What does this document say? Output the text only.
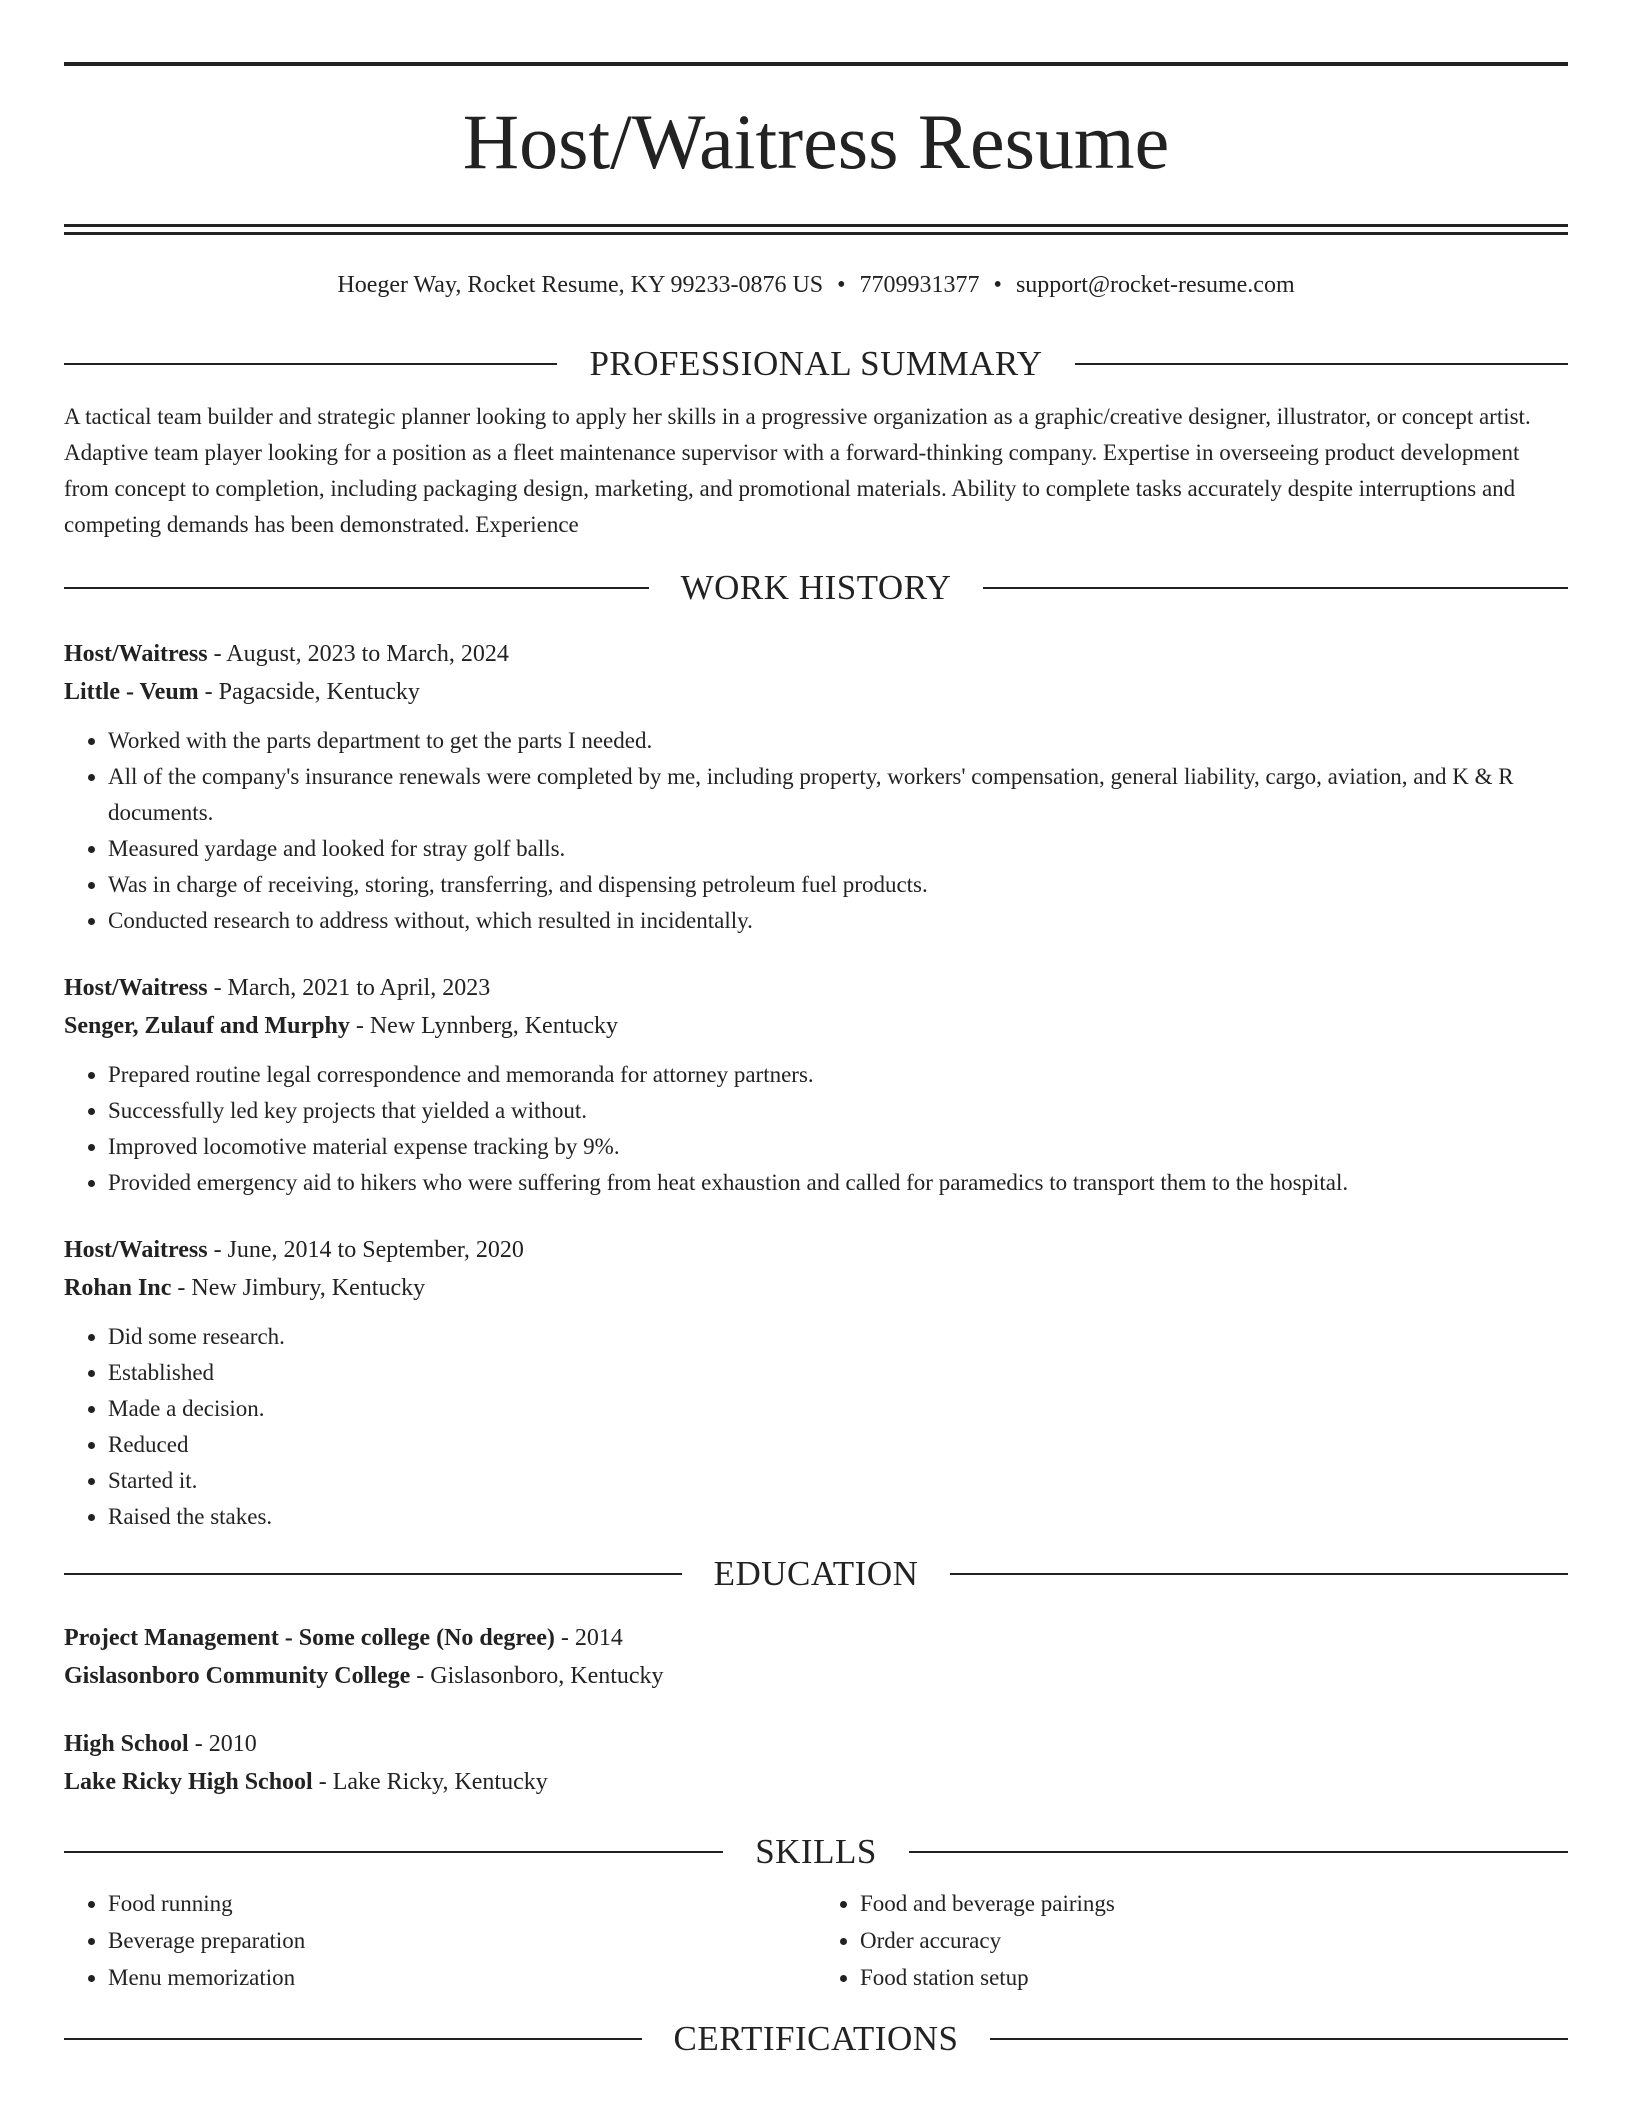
Host/Waitress Resume
Hoeger Way, Rocket Resume, KY 99233-0876 US • 7709931377 • support@rocket-resume.com
PROFESSIONAL SUMMARY
A tactical team builder and strategic planner looking to apply her skills in a progressive organization as a graphic/creative designer, illustrator, or concept artist. Adaptive team player looking for a position as a fleet maintenance supervisor with a forward-thinking company. Expertise in overseeing product development from concept to completion, including packaging design, marketing, and promotional materials. Ability to complete tasks accurately despite interruptions and competing demands has been demonstrated. Experience
WORK HISTORY
Host/Waitress - August, 2023 to March, 2024
Little - Veum - Pagacside, Kentucky
• Worked with the parts department to get the parts I needed.
• All of the company's insurance renewals were completed by me, including property, workers' compensation, general liability, cargo, aviation, and K & R documents.
• Measured yardage and looked for stray golf balls.
• Was in charge of receiving, storing, transferring, and dispensing petroleum fuel products.
• Conducted research to address without, which resulted in incidentally.
Host/Waitress - March, 2021 to April, 2023
Senger, Zulauf and Murphy - New Lynnberg, Kentucky
• Prepared routine legal correspondence and memoranda for attorney partners.
• Successfully led key projects that yielded a without.
• Improved locomotive material expense tracking by 9%.
• Provided emergency aid to hikers who were suffering from heat exhaustion and called for paramedics to transport them to the hospital.
Host/Waitress - June, 2014 to September, 2020
Rohan Inc - New Jimbury, Kentucky
• Did some research.
• Established
• Made a decision.
• Reduced
• Started it.
• Raised the stakes.
EDUCATION
Project Management - Some college (No degree) - 2014
Gislasonboro Community College - Gislasonboro, Kentucky
High School - 2010
Lake Ricky High School - Lake Ricky, Kentucky
SKILLS
• Food running
• Beverage preparation
• Menu memorization
• Food and beverage pairings
• Order accuracy
• Food station setup
CERTIFICATIONS
